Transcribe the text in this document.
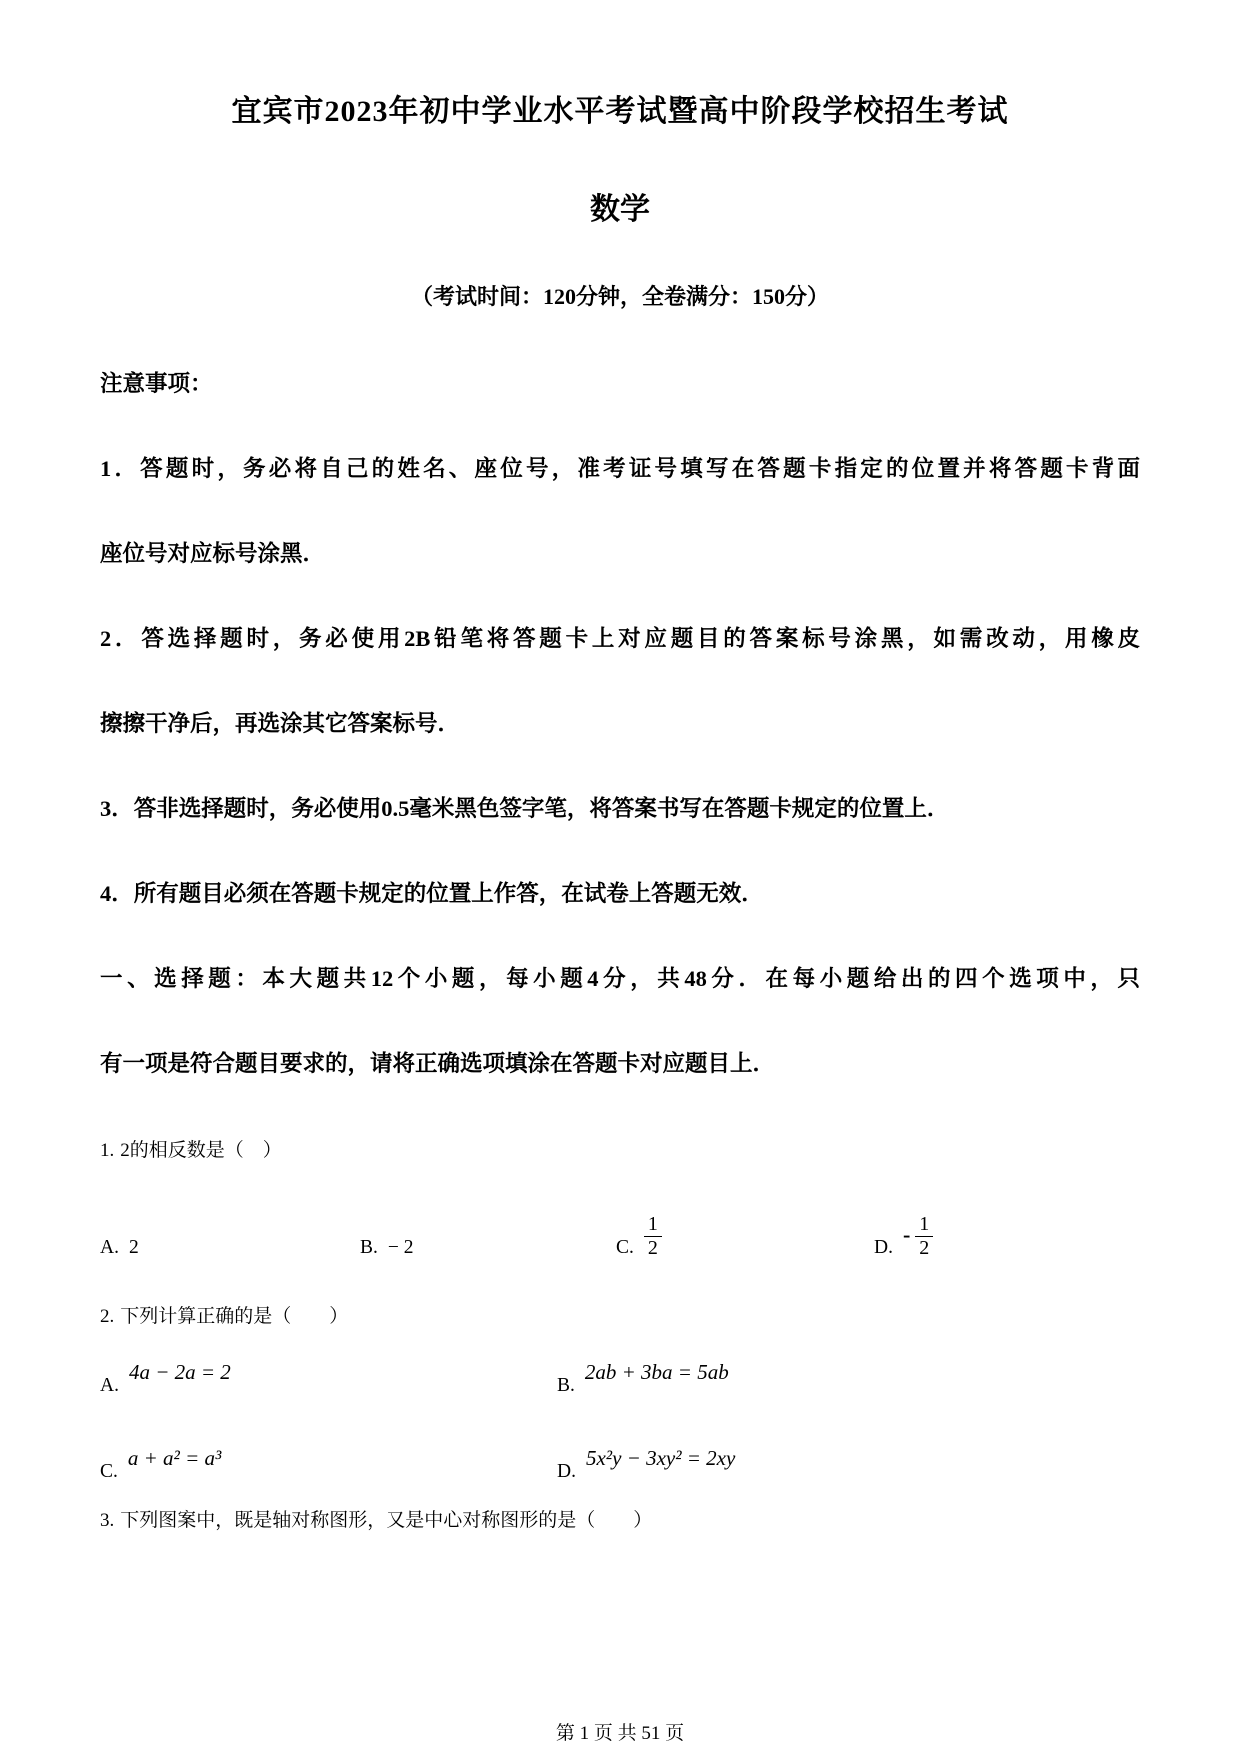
宜宾市2023年初中学业水平考试暨高中阶段学校招生考试
数学
（考试时间：120分钟，全卷满分：150分）
注意事项：
1．答题时，务必将自己的姓名、座位号，准考证号填写在答题卡指定的位置并将答题卡背面
座位号对应标号涂黑．
2．答选择题时，务必使用2B铅笔将答题卡上对应题目的答案标号涂黑，如需改动，用橡皮
擦擦干净后，再选涂其它答案标号．
3．答非选择题时，务必使用0.5毫米黑色签字笔，将答案书写在答题卡规定的位置上．
4．所有题目必须在答题卡规定的位置上作答，在试卷上答题无效．
一、选择题：本大题共12个小题，每小题4分，共48分．在每小题给出的四个选项中，只
有一项是符合题目要求的，请将正确选项填涂在答题卡对应题目上．
1. 2的相反数是（　）
A. 2	B. − 2	C. $\frac{1}{2}$	D.
- $\frac{1}{2}$
2. 下列计算正确的是（　　）
A.
4a − 2a = 2
B.
2ab + 3ba = 5ab
C.
a + a² = a³
D.
5x²y − 3xy² = 2xy
3. 下列图案中，既是轴对称图形，又是中心对称图形的是（　　）
第 1 页 共 51 页
